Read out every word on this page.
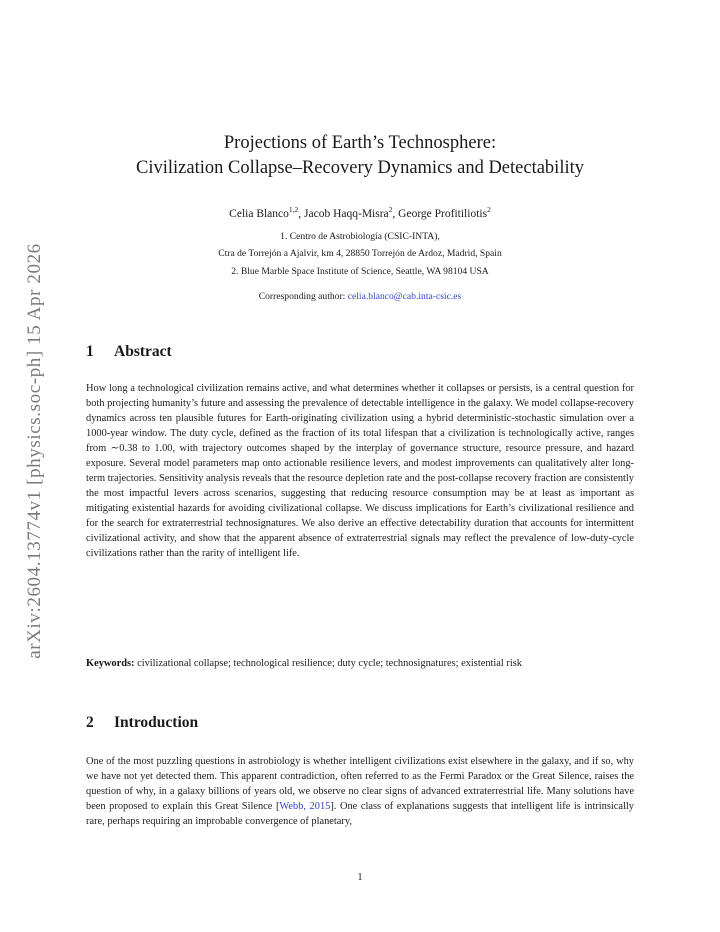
arXiv:2604.13774v1 [physics.soc-ph] 15 Apr 2026
Projections of Earth’s Technosphere:
Civilization Collapse–Recovery Dynamics and Detectability
Celia Blanco$^{1,2}$, Jacob Haqq-Misra$^2$, George Profitiliotis$^2$
1. Centro de Astrobiología (CSIC-INTA),
Ctra de Torrejón a Ajalvir, km 4, 28850 Torrejón de Ardoz, Madrid, Spain
2. Blue Marble Space Institute of Science, Seattle, WA 98104 USA
Corresponding author: celia.blanco@cab.inta-csic.es
1 Abstract
How long a technological civilization remains active, and what determines whether it collapses or persists, is a central question for both projecting humanity’s future and assessing the prevalence of detectable intelligence in the galaxy. We model collapse-recovery dynamics across ten plausible futures for Earth-originating civilization using a hybrid deterministic-stochastic simulation over a 1000-year window. The duty cycle, defined as the fraction of its total lifespan that a civilization is technologically active, ranges from ∼0.38 to 1.00, with trajectory outcomes shaped by the interplay of governance structure, resource pressure, and hazard exposure. Several model parameters map onto actionable resilience levers, and modest improvements can qualitatively alter long-term trajectories. Sensitivity analysis reveals that the resource depletion rate and the post-collapse recovery fraction are consistently the most impactful levers across scenarios, suggesting that reducing resource consumption may be at least as important as mitigating existential hazards for avoiding civilizational collapse. We discuss implications for Earth’s civilizational resilience and for the search for extraterrestrial technosignatures. We also derive an effective detectability duration that accounts for intermittent civilizational activity, and show that the apparent absence of extraterrestrial signals may reflect the prevalence of low-duty-cycle civilizations rather than the rarity of intelligent life.
Keywords: civilizational collapse; technological resilience; duty cycle; technosignatures; existential risk
2 Introduction
One of the most puzzling questions in astrobiology is whether intelligent civilizations exist elsewhere in the galaxy, and if so, why we have not yet detected them. This apparent contradiction, often referred to as the Fermi Paradox or the Great Silence, raises the question of why, in a galaxy billions of years old, we observe no clear signs of advanced extraterrestrial life. Many solutions have been proposed to explain this Great Silence [Webb, 2015]. One class of explanations suggests that intelligent life is intrinsically rare, perhaps requiring an improbable convergence of planetary,
1
